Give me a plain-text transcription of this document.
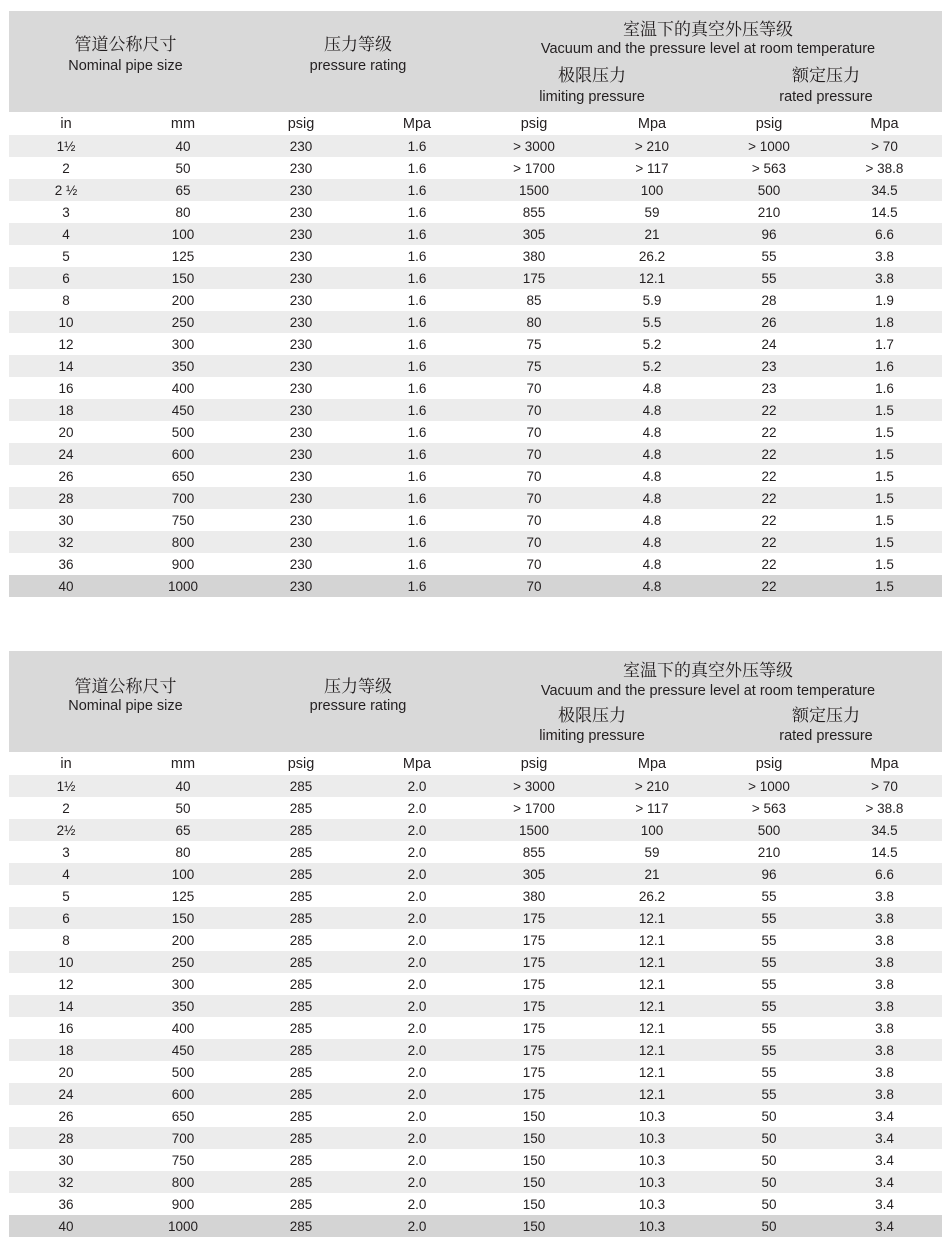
管道公称尺寸
Nominal pipe size
压力等级
pressure rating
室温下的真空外压等级
Vacuum and the pressure level at room temperature
极限压力
limiting pressure
额定压力
rated pressure
in	mm	psig	Mpa	psig	Mpa	psig	Mpa
1½	40	230	1.6	> 3000	> 210	> 1000	> 70
2	50	230	1.6	> 1700	> 117	> 563	> 38.8
2 ½	65	230	1.6	1500	100	500	34.5
3	80	230	1.6	855	59	210	14.5
4	100	230	1.6	305	21	96	6.6
5	125	230	1.6	380	26.2	55	3.8
6	150	230	1.6	175	12.1	55	3.8
8	200	230	1.6	85	5.9	28	1.9
10	250	230	1.6	80	5.5	26	1.8
12	300	230	1.6	75	5.2	24	1.7
14	350	230	1.6	75	5.2	23	1.6
16	400	230	1.6	70	4.8	23	1.6
18	450	230	1.6	70	4.8	22	1.5
20	500	230	1.6	70	4.8	22	1.5
24	600	230	1.6	70	4.8	22	1.5
26	650	230	1.6	70	4.8	22	1.5
28	700	230	1.6	70	4.8	22	1.5
30	750	230	1.6	70	4.8	22	1.5
32	800	230	1.6	70	4.8	22	1.5
36	900	230	1.6	70	4.8	22	1.5
40	1000	230	1.6	70	4.8	22	1.5
管道公称尺寸
Nominal pipe size
压力等级
pressure rating
室温下的真空外压等级
Vacuum and the pressure level at room temperature
极限压力
limiting pressure
额定压力
rated pressure
in	mm	psig	Mpa	psig	Mpa	psig	Mpa
1½	40	285	2.0	> 3000	> 210	> 1000	> 70
2	50	285	2.0	> 1700	> 117	> 563	> 38.8
2½	65	285	2.0	1500	100	500	34.5
3	80	285	2.0	855	59	210	14.5
4	100	285	2.0	305	21	96	6.6
5	125	285	2.0	380	26.2	55	3.8
6	150	285	2.0	175	12.1	55	3.8
8	200	285	2.0	175	12.1	55	3.8
10	250	285	2.0	175	12.1	55	3.8
12	300	285	2.0	175	12.1	55	3.8
14	350	285	2.0	175	12.1	55	3.8
16	400	285	2.0	175	12.1	55	3.8
18	450	285	2.0	175	12.1	55	3.8
20	500	285	2.0	175	12.1	55	3.8
24	600	285	2.0	175	12.1	55	3.8
26	650	285	2.0	150	10.3	50	3.4
28	700	285	2.0	150	10.3	50	3.4
30	750	285	2.0	150	10.3	50	3.4
32	800	285	2.0	150	10.3	50	3.4
36	900	285	2.0	150	10.3	50	3.4
40	1000	285	2.0	150	10.3	50	3.4
